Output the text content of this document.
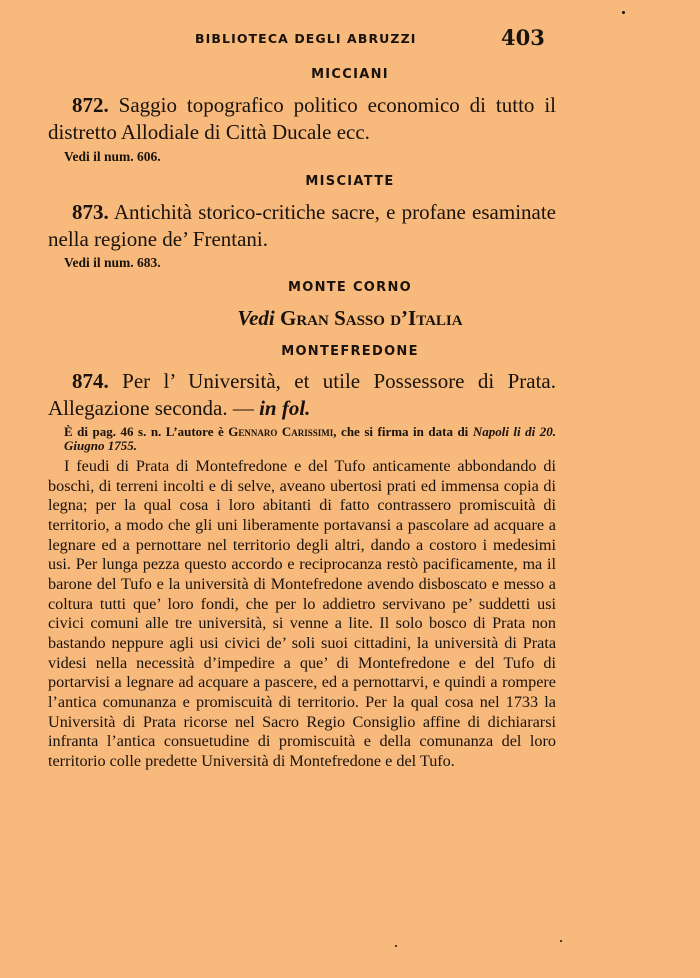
BIBLIOTECA DEGLI ABRUZZI	403
MICCIANI
872. Saggio topografico politico economico di tutto il distretto Allodiale di Città Ducale ecc.
Vedi il num. 606.
MISCIATTE
873. Antichità storico-critiche sacre, e profane esaminate nella regione de’ Frentani.
Vedi il num. 683.
MONTE CORNO
Vedi Gran Sasso d’Italia
MONTEFREDONE
874. Per l’ Università, et utile Possessore di Prata. Allegazione seconda. — in fol.
È di pag. 46 s. n. L’autore è Gennaro Carissimi, che si firma in data di Napoli li di 20. Giugno 1755.

I feudi di Prata di Montefredone e del Tufo anticamente abbondando di boschi, di terreni incolti e di selve, aveano ubertosi prati ed immensa copia di legna; per la qual cosa i loro abitanti di fatto contrassero promiscuità di territorio, a modo che gli uni liberamente portavansi a pascolare ad acquare a legnare ed a pernottare nel territorio degli altri, dando a costoro i medesimi usi. Per lunga pezza questo accordo e reciprocanza restò pacificamente, ma il barone del Tufo e la università di Montefredone avendo disboscato e messo a coltura tutti que’ loro fondi, che per lo addietro servivano pe’ suddetti usi civici comuni alle tre università, si venne a lite. Il solo bosco di Prata non bastando neppure agli usi civici de’ soli suoi cittadini, la università di Prata videsi nella necessità d’impedire a que’ di Montefredone e del Tufo di portarvisi a legnare ad acquare a pascere, ed a pernottarvi, e quindi a rompere l’antica comunanza e promiscuità di territorio. Per la qual cosa nel 1733 la Università di Prata ricorse nel Sacro Regio Consiglio affine di dichiararsi infranta l’antica consuetudine di promiscuità e della comunanza del loro territorio colle predette Università di Montefredone e del Tufo.
